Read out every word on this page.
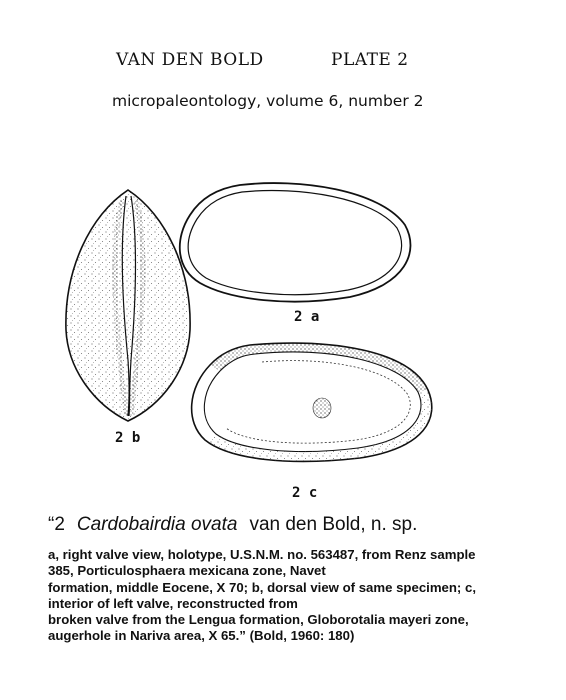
VAN DEN BOLD	PLATE 2
micropaleontology, volume 6, number 2
2 a
2 b
2 c
“2 Cardobairdia ovata van den Bold, n. sp.
a, right valve view, holotype, U.S.N.M. no. 563487, from Renz sample
385, Porticulosphaera mexicana zone, Navet
formation, middle Eocene, X 70; b, dorsal view of same specimen; c,
interior of left valve, reconstructed from
broken valve from the Lengua formation, Globorotalia mayeri zone,
augerhole in Nariva area, X 65.” (Bold, 1960: 180)
